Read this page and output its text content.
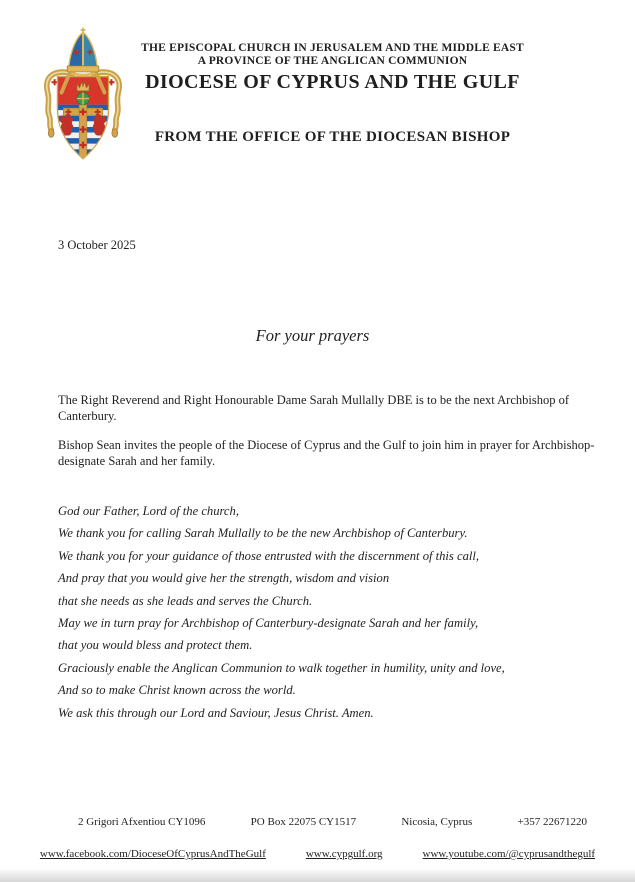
THE EPISCOPAL CHURCH IN JERUSALEM AND THE MIDDLE EAST
A PROVINCE OF THE ANGLICAN COMMUNION
DIOCESE OF CYPRUS AND THE GULF
FROM THE OFFICE OF THE DIOCESAN BISHOP
3 October 2025
For your prayers
The Right Reverend and Right Honourable Dame Sarah Mullally DBE is to be the next Archbishop of
Canterbury.
Bishop Sean invites the people of the Diocese of Cyprus and the Gulf to join him in prayer for Archbishop-
designate Sarah and her family.
God our Father, Lord of the church,
We thank you for calling Sarah Mullally to be the new Archbishop of Canterbury.
We thank you for your guidance of those entrusted with the discernment of this call,
And pray that you would give her the strength, wisdom and vision
that she needs as she leads and serves the Church.
May we in turn pray for Archbishop of Canterbury-designate Sarah and her family,
that you would bless and protect them.
Graciously enable the Anglican Communion to walk together in humility, unity and love,
And so to make Christ known across the world.
We ask this through our Lord and Saviour, Jesus Christ. Amen.
2 Grigori Afxentiou CY1096	PO Box 22075 CY1517	Nicosia, Cyprus	+357 22671220
www.facebook.com/DioceseOfCyprusAndTheGulf	www.cypgulf.org	www.youtube.com/@cyprusandthegulf
